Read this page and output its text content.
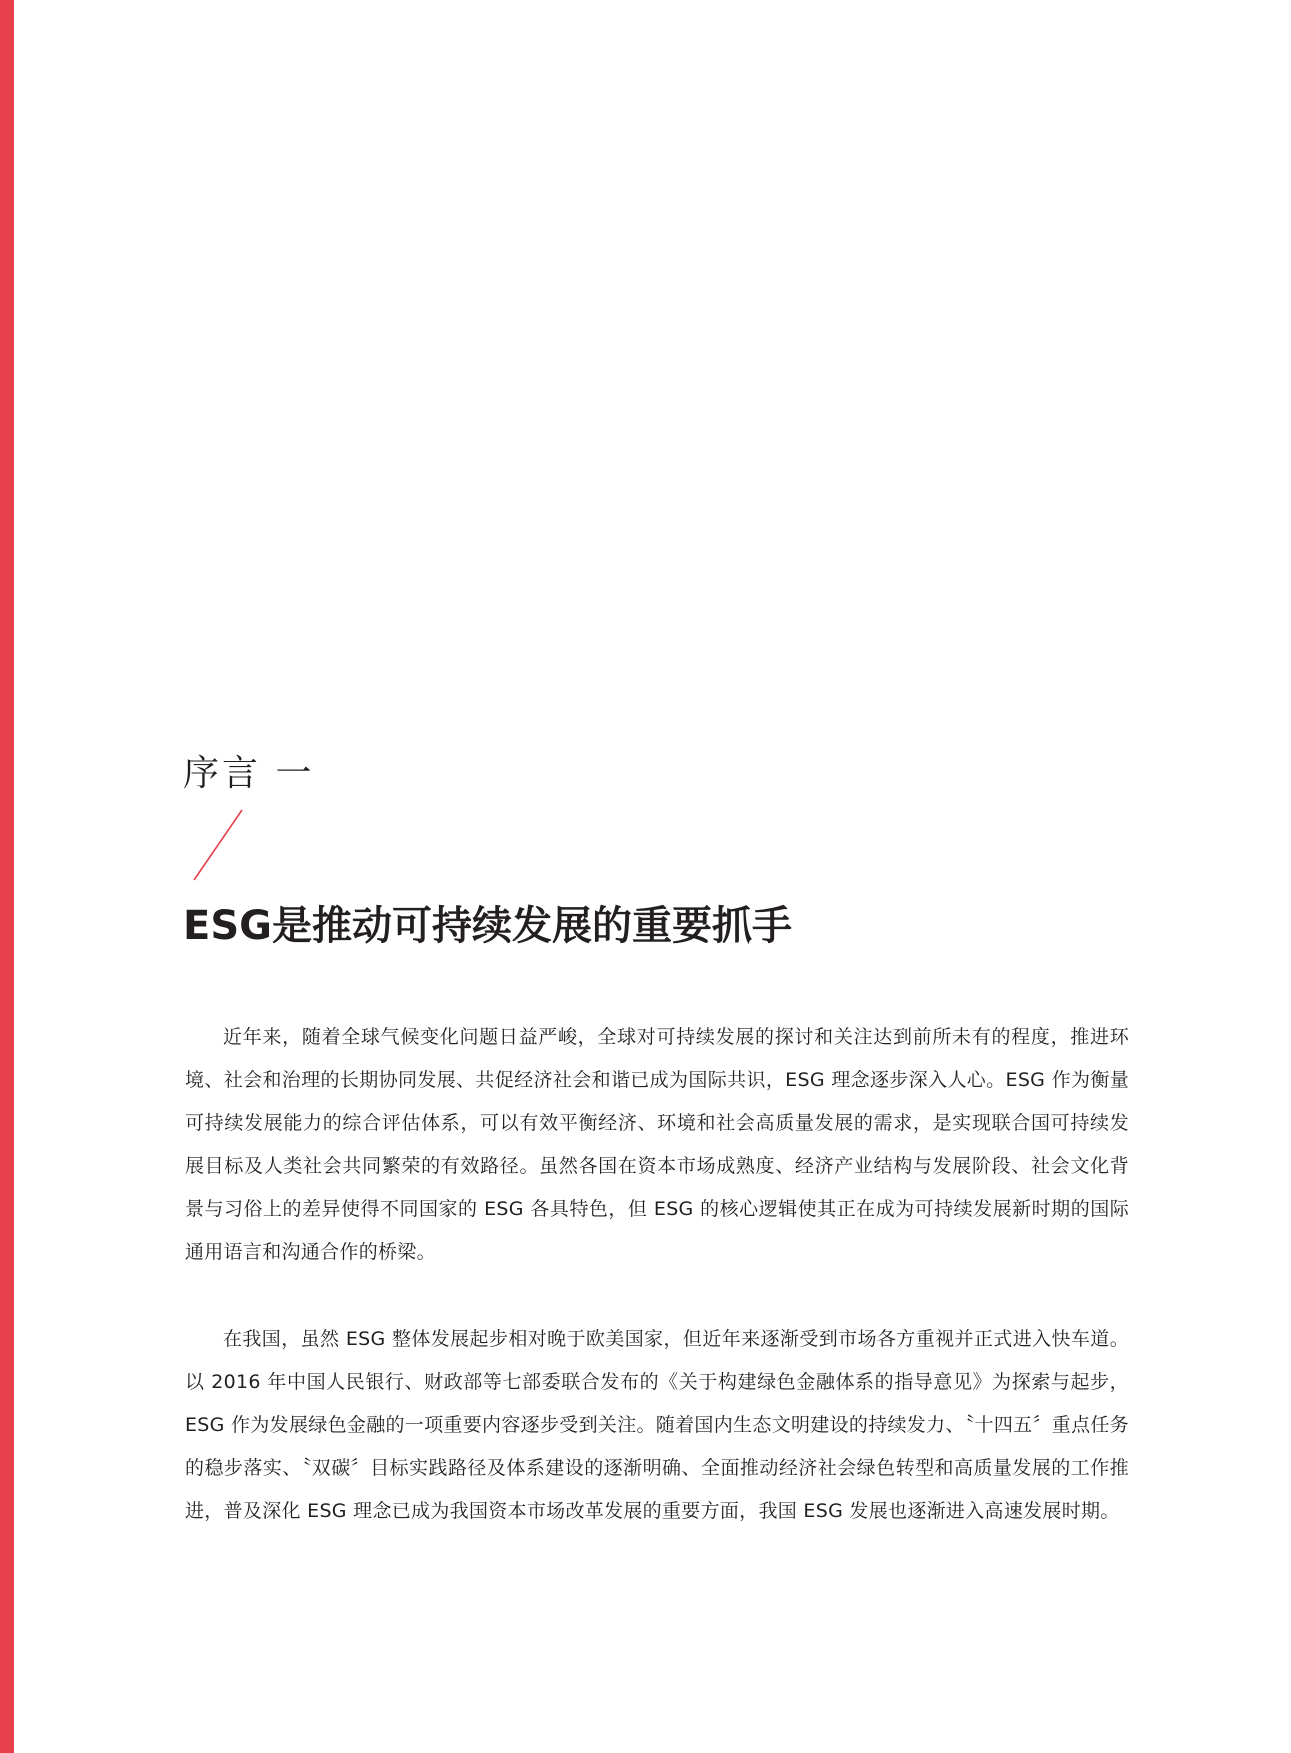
序言 一
ESG是推动可持续发展的重要抓手

近年来，随着全球气候变化问题日益严峻，全球对可持续发展的探讨和关注达到前所未有的程度，推进环境、社会和治理的长期协同发展、共促经济社会和谐已成为国际共识，ESG 理念逐步深入人心。ESG 作为衡量可持续发展能力的综合评估体系，可以有效平衡经济、环境和社会高质量发展的需求，是实现联合国可持续发展目标及人类社会共同繁荣的有效路径。虽然各国在资本市场成熟度、经济产业结构与发展阶段、社会文化背景与习俗上的差异使得不同国家的 ESG 各具特色，但 ESG 的核心逻辑使其正在成为可持续发展新时期的国际通用语言和沟通合作的桥梁。

在我国，虽然 ESG 整体发展起步相对晚于欧美国家，但近年来逐渐受到市场各方重视并正式进入快车道。以 2016 年中国人民银行、财政部等七部委联合发布的《关于构建绿色金融体系的指导意见》为探索与起步，ESG 作为发展绿色金融的一项重要内容逐步受到关注。随着国内生态文明建设的持续发力、〝十四五〞重点任务的稳步落实、〝双碳〞目标实践路径及体系建设的逐渐明确、全面推动经济社会绿色转型和高质量发展的工作推进，普及深化 ESG 理念已成为我国资本市场改革发展的重要方面，我国 ESG 发展也逐渐进入高速发展时期。
